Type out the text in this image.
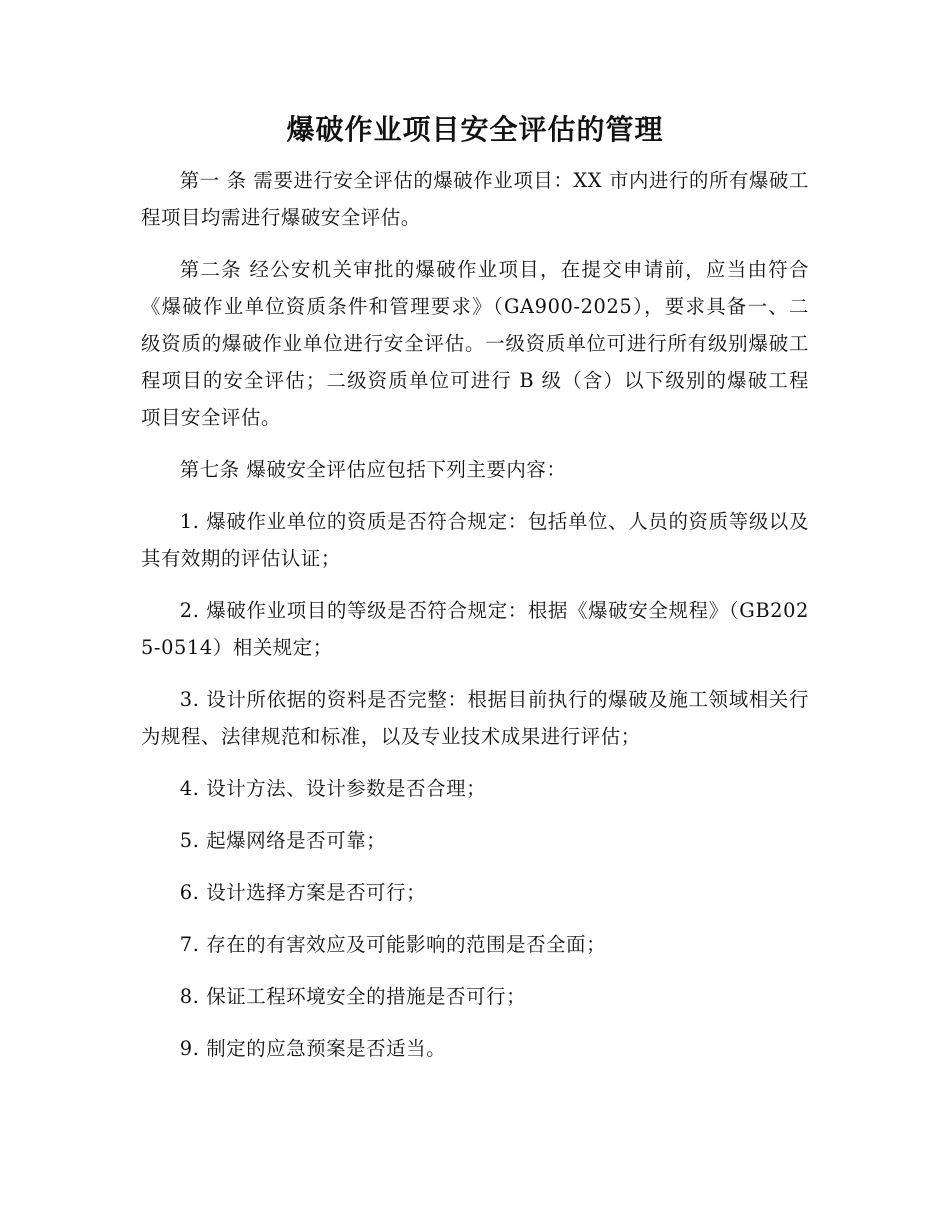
爆破作业项目安全评估的管理

第一 条 需要进行安全评估的爆破作业项目：XX 市内进行的所有爆破工程项目均需进行爆破安全评估。

第二条 经公安机关审批的爆破作业项目，在提交申请前，应当由符合《爆破作业单位资质条件和管理要求》（GA900-2025），要求具备一、二级资质的爆破作业单位进行安全评估。一级资质单位可进行所有级别爆破工程项目的安全评估；二级资质单位可进行 B 级（含）以下级别的爆破工程项目安全评估。

第七条 爆破安全评估应包括下列主要内容：

1. 爆破作业单位的资质是否符合规定：包括单位、人员的资质等级以及其有效期的评估认证；

2. 爆破作业项目的等级是否符合规定：根据《爆破安全规程》（GB2025-0514）相关规定；

3. 设计所依据的资料是否完整：根据目前执行的爆破及施工领域相关行为规程、法律规范和标准，以及专业技术成果进行评估；

4. 设计方法、设计参数是否合理；

5. 起爆网络是否可靠；

6. 设计选择方案是否可行；

7. 存在的有害效应及可能影响的范围是否全面；

8. 保证工程环境安全的措施是否可行；

9. 制定的应急预案是否适当。
